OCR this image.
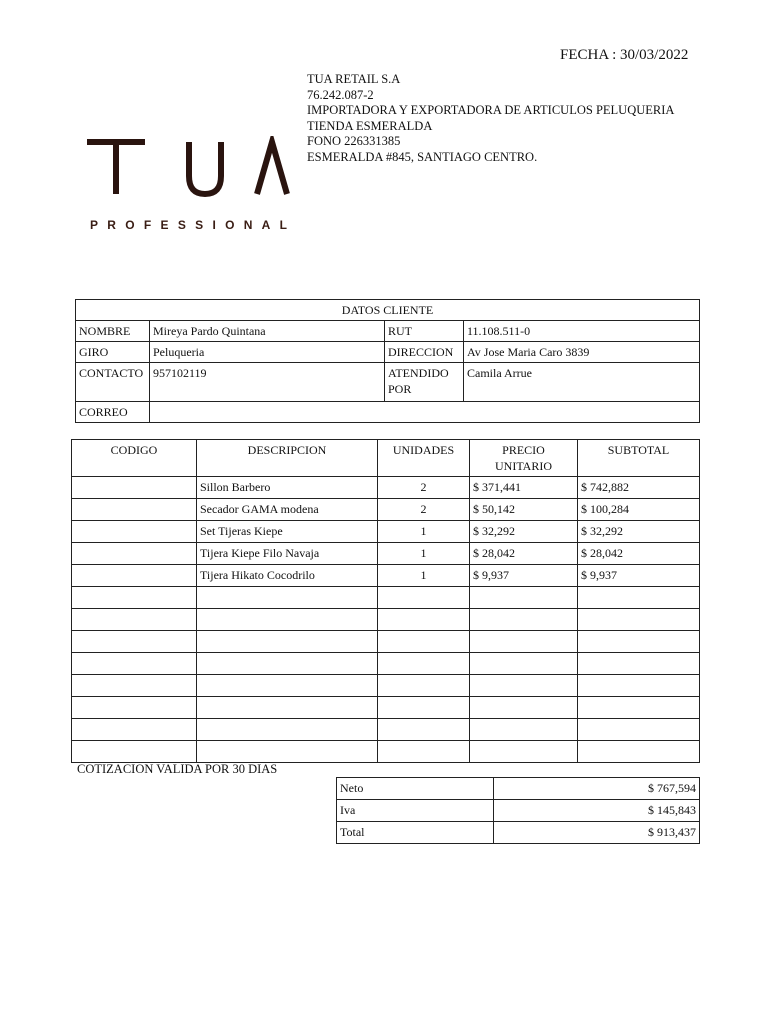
FECHA : 30/03/2022
TUA RETAIL S.A
76.242.087-2
IMPORTADORA Y EXPORTADORA DE ARTICULOS PELUQUERIA
TIENDA ESMERALDA
FONO 226331385
ESMERALDA #845, SANTIAGO CENTRO.
PROFESSIONAL
DATOS CLIENTE			
NOMBRE	Mireya Pardo Quintana	RUT	11.108.511-0
GIRO	Peluqueria	DIRECCION	Av Jose Maria Caro 3839
CONTACTO	957102119	ATENDIDO POR	Camila Arrue
CORREO			
CODIGO	DESCRIPCION	UNIDADES	PRECIO UNITARIO	SUBTOTAL
	Sillon Barbero	2	$ 371,441	$ 742,882
	Secador GAMA modena	2	$ 50,142	$ 100,284
	Set Tijeras Kiepe	1	$ 32,292	$ 32,292
	Tijera Kiepe Filo Navaja	1	$ 28,042	$ 28,042
	Tijera Hikato Cocodrilo	1	$ 9,937	$ 9,937

COTIZACION VALIDA POR 30 DIAS
Neto	$ 767,594
Iva	$ 145,843
Total	$ 913,437
